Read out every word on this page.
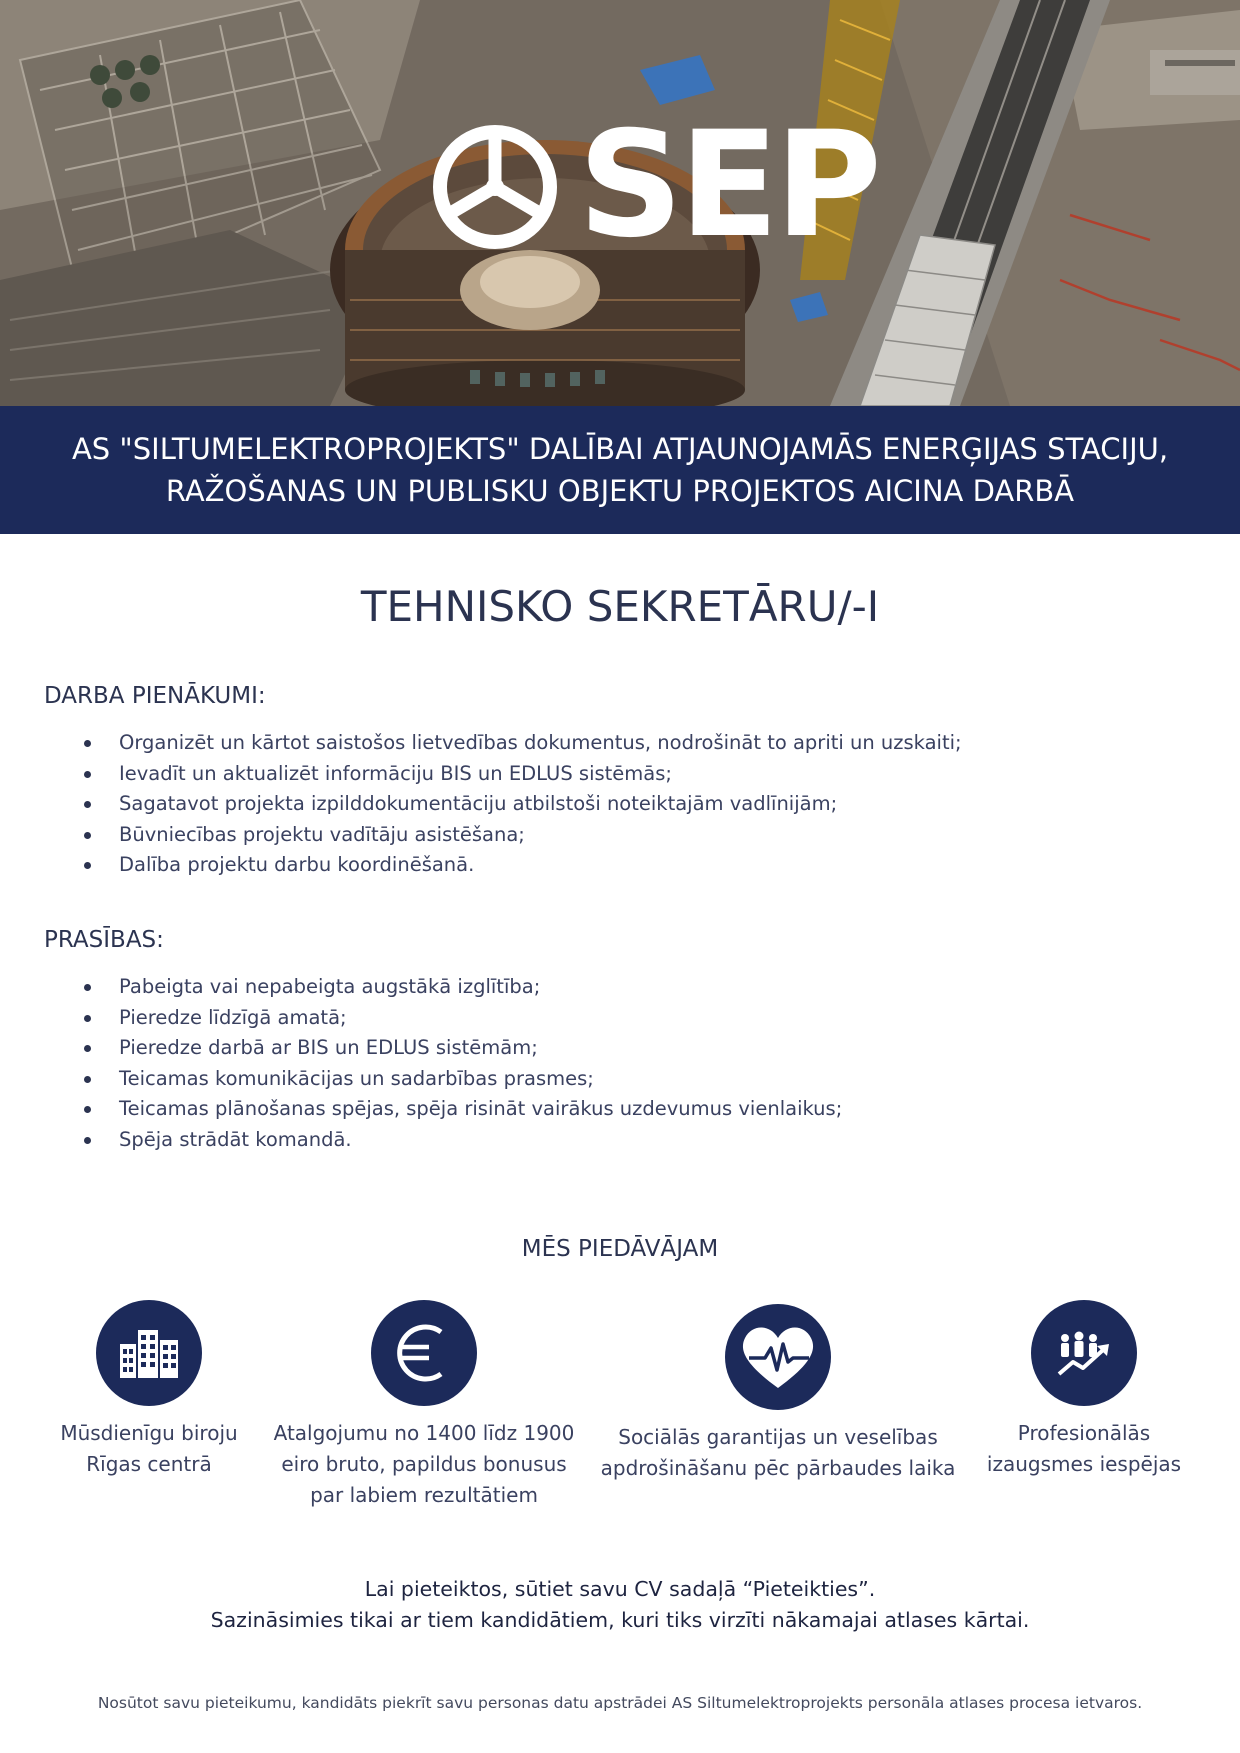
SEP
AS "SILTUMELEKTROPROJEKTS" DALĪBAI ATJAUNOJAMĀS ENERĢIJAS STACIJU,
RAŽOŠANAS UN PUBLISKU OBJEKTU PROJEKTOS AICINA DARBĀ
TEHNISKO SEKRETĀRU/-I
DARBA PIENĀKUMI:
Organizēt un kārtot saistošos lietvedības dokumentus, nodrošināt to apriti un uzskaiti;
Ievadīt un aktualizēt informāciju BIS un EDLUS sistēmās;
Sagatavot projekta izpilddokumentāciju atbilstoši noteiktajām vadlīnijām;
Būvniecības projektu vadītāju asistēšana;
Dalība projektu darbu koordinēšanā.
PRASĪBAS:
Pabeigta vai nepabeigta augstākā izglītība;
Pieredze līdzīgā amatā;
Pieredze darbā ar BIS un EDLUS sistēmām;
Teicamas komunikācijas un sadarbības prasmes;
Teicamas plānošanas spējas, spēja risināt vairākus uzdevumus vienlaikus;
Spēja strādāt komandā.
MĒS PIEDĀVĀJAM
Mūsdienīgu biroju
Rīgas centrā
Atalgojumu no 1400 līdz 1900
eiro bruto, papildus bonusus
par labiem rezultātiem
Sociālās garantijas un veselības
apdrošināšanu pēc pārbaudes laika
Profesionālās
izaugsmes iespējas
Lai pieteiktos, sūtiet savu CV sadaļā “Pieteikties”.
Sazināsimies tikai ar tiem kandidātiem, kuri tiks virzīti nākamajai atlases kārtai.
Nosūtot savu pieteikumu, kandidāts piekrīt savu personas datu apstrādei AS Siltumelektroprojekts personāla atlases procesa ietvaros.
